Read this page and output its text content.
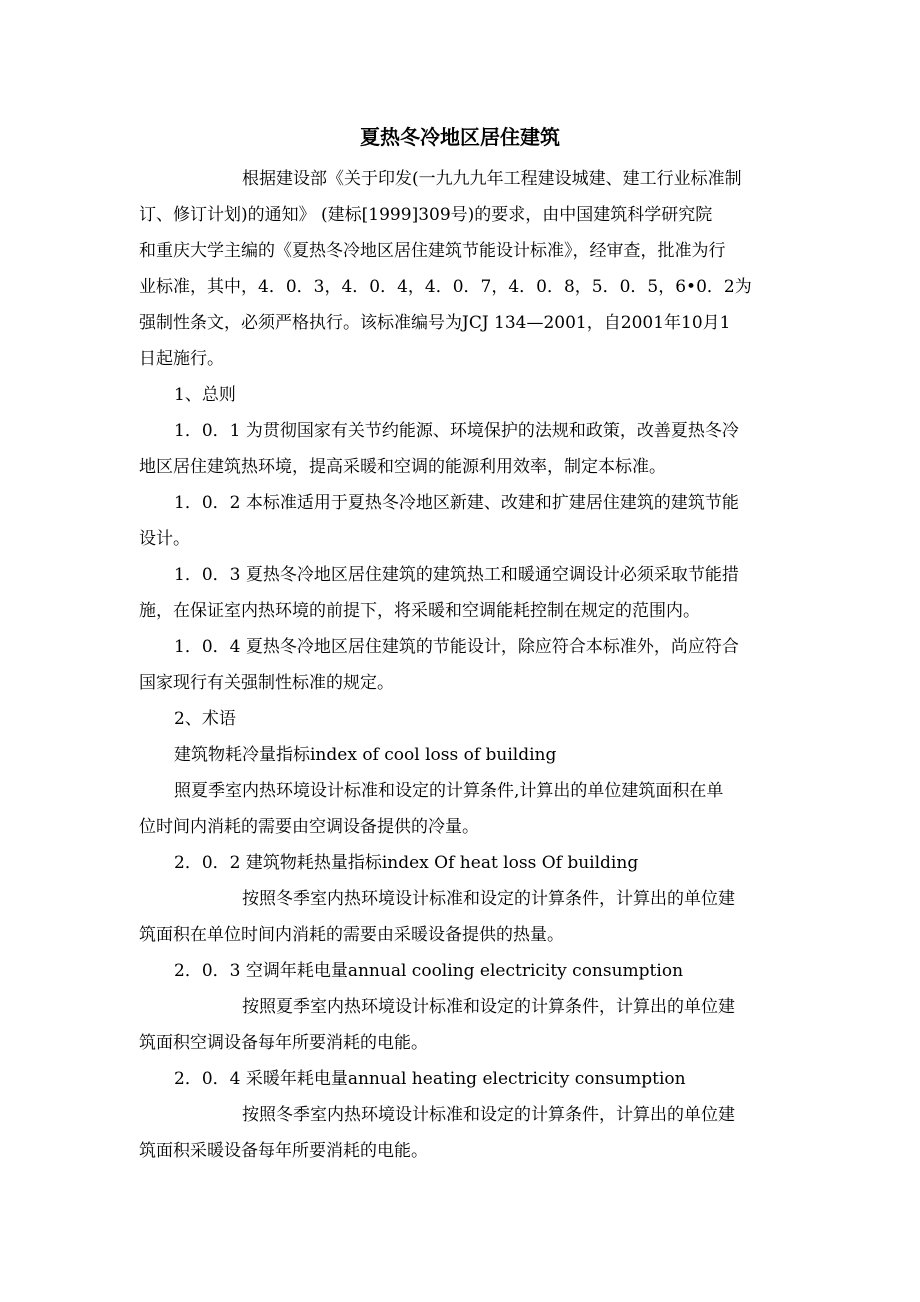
夏热冬冷地区居住建筑
根据建设部《关于印发(一九九九年工程建设城建、建工行业标准制
订、修订计划)的通知》 (建标[1999]309号)的要求，由中国建筑科学研究院
和重庆大学主编的《夏热冬冷地区居住建筑节能设计标准》，经审查，批准为行
业标准，其中，4．0．3，4．0．4，4．0．7，4．0．8，5．0．5，6•0．2为
强制性条文，必须严格执行。该标准编号为JCJ 134—2001，自2001年10月1
日起施行。
1、总则
1．0．1 为贯彻国家有关节约能源、环境保护的法规和政策，改善夏热冬冷
地区居住建筑热环境，提高采暖和空调的能源利用效率，制定本标准。
1．0．2 本标准适用于夏热冬冷地区新建、改建和扩建居住建筑的建筑节能
设计。
1．0．3 夏热冬冷地区居住建筑的建筑热工和暖通空调设计必须采取节能措
施，在保证室内热环境的前提下，将采暖和空调能耗控制在规定的范围内。
1．0．4 夏热冬冷地区居住建筑的节能设计，除应符合本标准外，尚应符合
国家现行有关强制性标准的规定。
2、术语
建筑物耗冷量指标index of cool loss of building
照夏季室内热环境设计标准和设定的计算条件,计算出的单位建筑面积在单
位时间内消耗的需要由空调设备提供的冷量。
2．0．2 建筑物耗热量指标index Of heat loss Of building
按照冬季室内热环境设计标准和设定的计算条件，计算出的单位建
筑面积在单位时间内消耗的需要由采暖设备提供的热量。
2．0．3 空调年耗电量annual cooling electricity consumption
按照夏季室内热环境设计标准和设定的计算条件，计算出的单位建
筑面积空调设备每年所要消耗的电能。
2．0．4 采暖年耗电量annual heating electricity consumption
按照冬季室内热环境设计标准和设定的计算条件，计算出的单位建
筑面积采暖设备每年所要消耗的电能。
